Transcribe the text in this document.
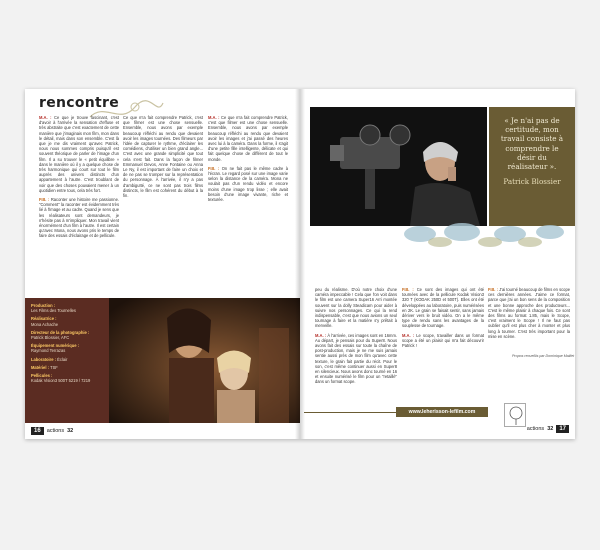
rencontre

M.A. : Ce que je trouve fascinant, c'est d'avoir à l'arrivée la sensation d'effuse et très abstraite que c'est exactement de cette manière que j'imaginais mon film, mon dans le détail, mais dans son ensemble. C'est là que je me dis vraiment qu'avec Patrick, nous nous sommes compris puisqu'il est souvent théorique de parler de l'image d'un film. Il a su trouver le « petit équilibre » dans le manière où il y a quelque chose de très harmonique qui court sur tout le film auprès des univers distincts d'un appartement à l'autre. C'est troublant de voir que des choses pouvaient mener à un quotidien entre tous, cela très fort.

P.B. : Raconter une histoire me passionne. "Comment" la raconter est évidemment très lié à l'image et au cadre. Quand je sens que les réalisateurs sont demandeurs, je n'hésite pas à m'impliquer. Mon travail vient énormément d'un film à l'autre. Il est certain qu'avec Mona, nous avons pris le temps de faire des essais d'éclairage et de pellicule.

Ce que m'a fait comprendre Patrick, c'est que filmer est une chose sensuelle. Ensemble, nous avons par exemple beaucoup réfléchi au rendu que devaient avoir les images tournées. Des filmeurs par l'idée de capturer le rythme, d'éclairer les comédiens, d'utiliser un bien grand angle... C'est avec une grande simplicité que tout cela s'est fait. Dans la façon de filmer Emmanuel Devos, Anne Fontaine ou Anna Le Ny, il est important de faire un choix et de ne pas se tromper sur la représentation du personnage. À l'arrivée, il n'y a pas d'ambiguïté, ce ne sont pas trois films distincts, le film est cohérent du début à la fin.

M.A. : Ce que m'a fait comprendre Patrick, c'est que filmer est une chose sensuelle. Ensemble, nous avons par exemple beaucoup réfléchi au rendu que devaient avoir les images et j'ai passé des heures avec lui à la caméra. Dans la forme, il s'agit d'une petite fille intelligente, délicate et qui fait quelque chose de différent de tout le monde.

P.B. : On ne fait pas le même cadre à l'écran. Le regard posé sur une image varie selon la distance de la caméra. Mona ne voulait pas d'un rendu vidéo et encore moins d'une image trop lisse ; elle avait besoin d'une image vivante, riche et texturée.

Production :
Les Films des Tournelles

Réalisatrice :
Mona Achache

Directeur de la photographie :
Patrick Blossier, AFC

Équipement numérique :
Raymond Terrazas

Laboratoire : Éclair

Matériel : TSF

Pellicules :
Kodak Vision3 500T 5219 / 7219

16	actions 32
« Je n'ai pas de certitude, mon travail consiste à comprendre le désir du réalisateur ».
Patrick Blossier

peu du réalisme. D'où notre choix d'une caméra impeccable ! Cela que l'on voit dans le film est une camera Super16 Arri montée souvent sur la dolly Steadicam pour aider à suivre nos personnages. Ce qui la rend indispensable, c'est que nous avions un seul tournage à faire et la matière s'y prêtait à merveille.

M.A. : À l'arrivée, ces images sont en 16mm. Au départ, je pensais pour du Super8. Nous avons fait des essais sur toute la chaîne de post-production, mais je ne me suis jamais sentie aussi près de mon film qu'avec cette texture, le grain fait partie du récit. Pour le son, c'est même continuer aussi en Super8 en silencieux. Nous avons donc tourné en 16 et ensuite numérisé le film pour un "retaillé" dans un format scope.

P.B. : Ce sont des images qui ont été tournées avec de la pellicule Kodak Vision3 320 T (KODAK 250D et 500T). Elles ont été développées au laboratoire, puis numérisées en 2K. Le grain se faisait sentir, sans jamais dériver vers le bruit vidéo. On a le même type de rendu sans les avantages de la souplesse de tournage.

M.A. : Le scope, travailler dans un format scope a été un plaisir qui m'a fait découvrir Patrick !

P.B. : J'ai tourné beaucoup de films en scope ces dernières années. J'aime ce format, parce que j'ai un bon sens de la composition et une bonne approche des producteurs... C'est le même plaisir à chaque fois. Ce sont des films au format 1.85, mais le Scope, c'est vraiment le Scope ! Il ne faut pas oublier qu'il est plus cher à monter et plus long à tourner. C'est très important pour la mise en scène.

Propos recueillis par Dominique Maillet
www.leherisson-lefilm.com
actions 32	17
